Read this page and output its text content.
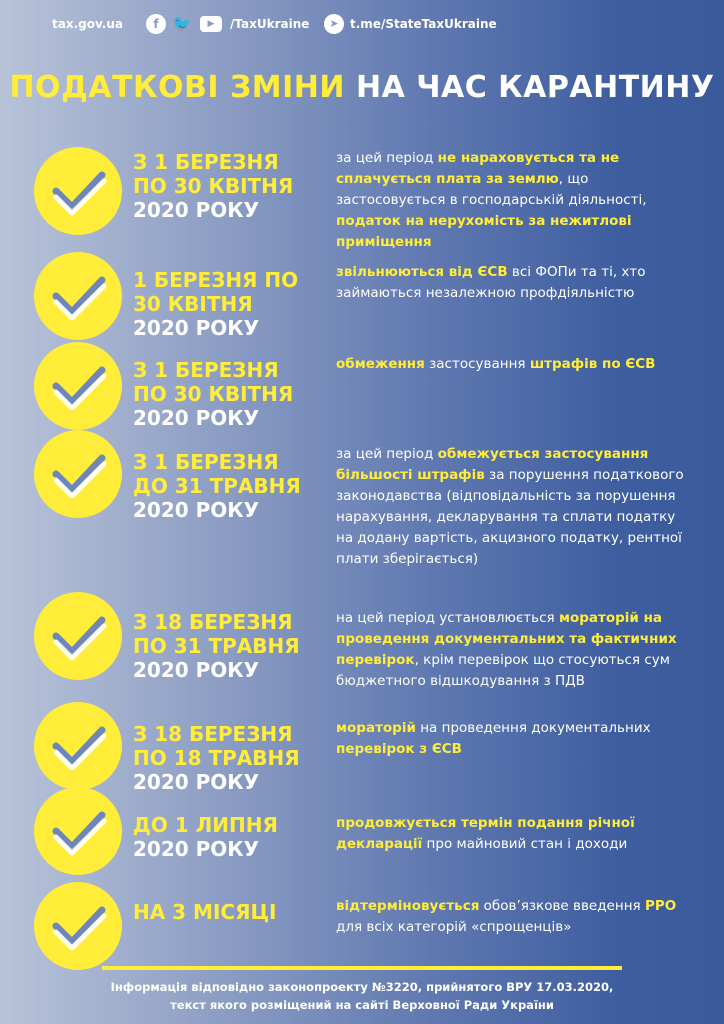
tax.gov.ua	f 🐦	▶	/TaxUkraine	➤ t.me/StateTaxUkraine
ПОДАТКОВІ ЗМІНИ НА ЧАС КАРАНТИНУ
З 1 БЕРЕЗНЯ
ПО 30 КВІТНЯ
2020 РОКУ
за цей період не нараховується та не сплачується плата за землю, що застосовується в господарській діяльності, податок на нерухомість за нежитлові приміщення
1 БЕРЕЗНЯ ПО
30 КВІТНЯ
2020 РОКУ
звільнюються від ЄСВ всі ФОПи та ті, хто займаються незалежною профдіяльністю
З 1 БЕРЕЗНЯ
ПО 30 КВІТНЯ
2020 РОКУ
обмеження застосування штрафів по ЄСВ
З 1 БЕРЕЗНЯ
ДО 31 ТРАВНЯ
2020 РОКУ
за цей період обмежується застосування більшості штрафів за порушення податкового законодавства (відповідальність за порушення нарахування, декларування та сплати податку на додану вартість, акцизного податку, рентної плати зберігається)
З 18 БЕРЕЗНЯ
ПО 31 ТРАВНЯ
2020 РОКУ
на цей період установлюється мораторій на проведення документальних та фактичних перевірок, крім перевірок що стосуються сум бюджетного відшкодування з ПДВ
З 18 БЕРЕЗНЯ
ПО 18 ТРАВНЯ
2020 РОКУ
мораторій на проведення документальних перевірок з ЄСВ
ДО 1 ЛИПНЯ
2020 РОКУ
продовжується термін подання річної декларації про майновий стан і доходи
НА 3 МІСЯЦІ	відтерміновується обов’язкове введення РРО для всіх категорій «спрощенців»
Інформація відповідно законопроекту №3220, прийнятого ВРУ 17.03.2020,
текст якого розміщений на сайті Верховної Ради України
